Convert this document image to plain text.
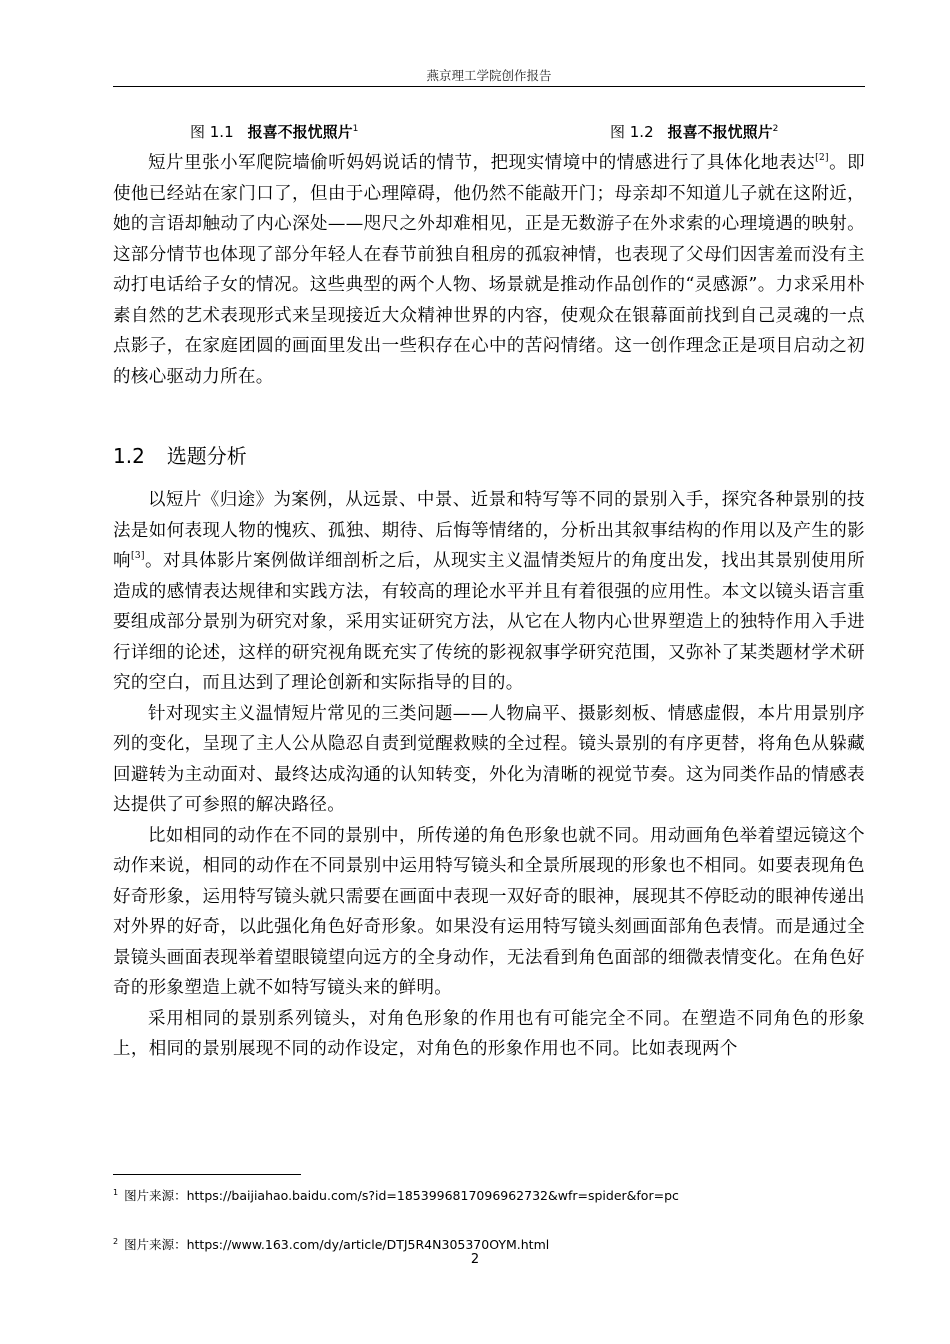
燕京理工学院创作报告
图 1.1 报喜不报忧照片$^1$	图 1.2 报喜不报忧照片$^2$

短片里张小军爬院墙偷听妈妈说话的情节，把现实情境中的情感进行了具体化地表达[2]。即使他已经站在家门口了，但由于心理障碍，他仍然不能敲开门；母亲却不知道儿子就在这附近，她的言语却触动了内心深处——咫尺之外却难相见，正是无数游子在外求索的心理境遇的映射。这部分情节也体现了部分年轻人在春节前独自租房的孤寂神情，也表现了父母们因害羞而没有主动打电话给子女的情况。这些典型的两个人物、场景就是推动作品创作的“灵感源”。力求采用朴素自然的艺术表现形式来呈现接近大众精神世界的内容，使观众在银幕面前找到自己灵魂的一点点影子，在家庭团圆的画面里发出一些积存在心中的苦闷情绪。这一创作理念正是项目启动之初的核心驱动力所在。

1.2 选题分析

以短片《归途》为案例，从远景、中景、近景和特写等不同的景别入手，探究各种景别的技法是如何表现人物的愧疚、孤独、期待、后悔等情绪的，分析出其叙事结构的作用以及产生的影响[3]。对具体影片案例做详细剖析之后，从现实主义温情类短片的角度出发，找出其景别使用所造成的感情表达规律和实践方法，有较高的理论水平并且有着很强的应用性。本文以镜头语言重要组成部分景别为研究对象，采用实证研究方法，从它在人物内心世界塑造上的独特作用入手进行详细的论述，这样的研究视角既充实了传统的影视叙事学研究范围，又弥补了某类题材学术研究的空白，而且达到了理论创新和实际指导的目的。

针对现实主义温情短片常见的三类问题——人物扁平、摄影刻板、情感虚假，本片用景别序列的变化，呈现了主人公从隐忍自责到觉醒救赎的全过程。镜头景别的有序更替，将角色从躲藏回避转为主动面对、最终达成沟通的认知转变，外化为清晰的视觉节奏。这为同类作品的情感表达提供了可参照的解决路径。

比如相同的动作在不同的景别中，所传递的角色形象也就不同。用动画角色举着望远镜这个动作来说，相同的动作在不同景别中运用特写镜头和全景所展现的形象也不相同。如要表现角色好奇形象，运用特写镜头就只需要在画面中表现一双好奇的眼神，展现其不停眨动的眼神传递出对外界的好奇，以此强化角色好奇形象。如果没有运用特写镜头刻画面部角色表情。而是通过全景镜头画面表现举着望眼镜望向远方的全身动作，无法看到角色面部的细微表情变化。在角色好奇的形象塑造上就不如特写镜头来的鲜明。

采用相同的景别系列镜头，对角色形象的作用也有可能完全不同。在塑造不同角色的形象上，相同的景别展现不同的动作设定，对角色的形象作用也不同。比如表现两个

$^1$ 图片来源：https://baijiahao.baidu.com/s?id=1853996817096962732&wfr=spider&for=pc
$^2$ 图片来源：https://www.163.com/dy/article/DTJ5R4N305370OYM.html
2
